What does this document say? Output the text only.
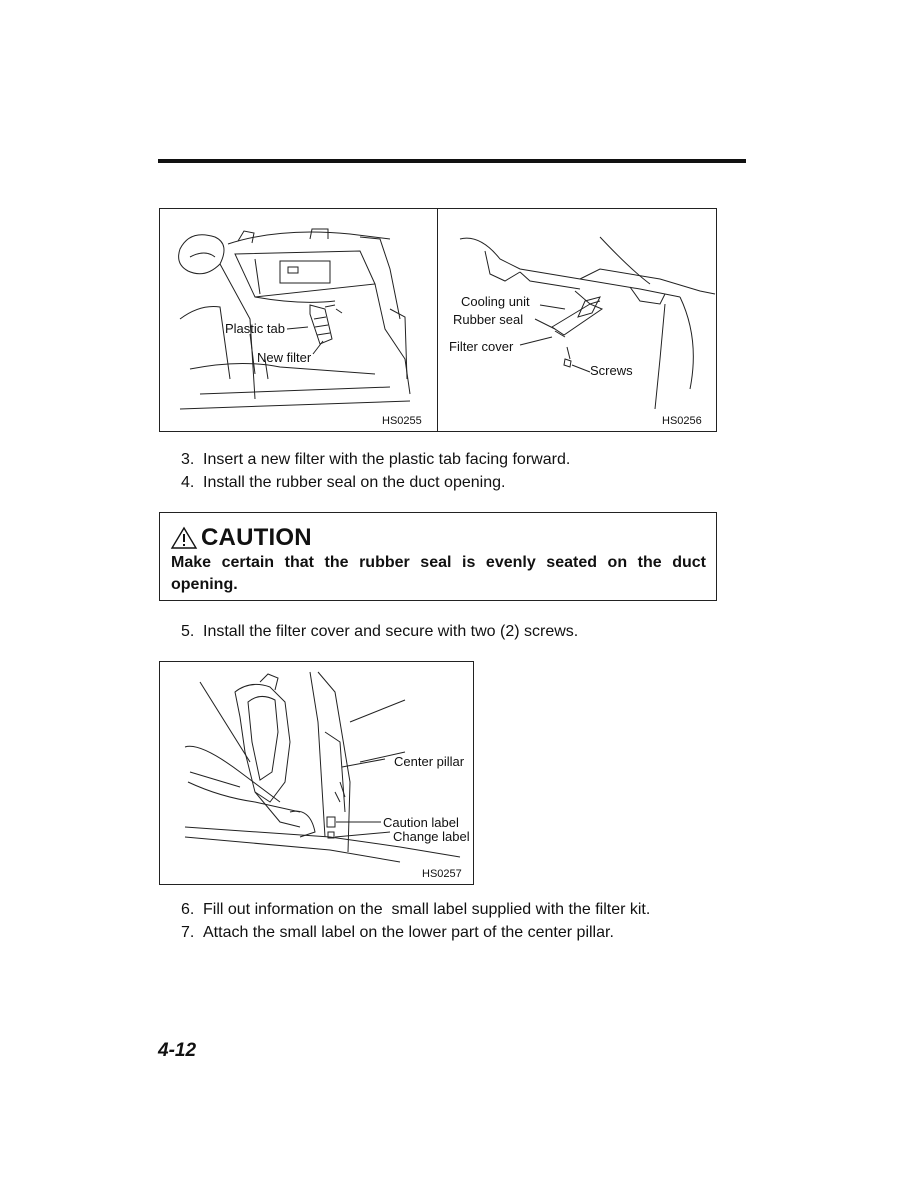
Plastic tab
New filter
HS0255
Cooling unit
Rubber seal
Filter cover
Screws
HS0256
3. Insert a new filter with the plastic tab facing forward.
4. Install the rubber seal on the duct opening.
CAUTION
Make certain that the rubber seal is evenly seated on the duct opening.
5. Install the filter cover and secure with two (2) screws.
Center pillar
Caution label
Change label
HS0257
6. Fill out information on the  small label supplied with the filter kit.
7. Attach the small label on the lower part of the center pillar.
4-12
